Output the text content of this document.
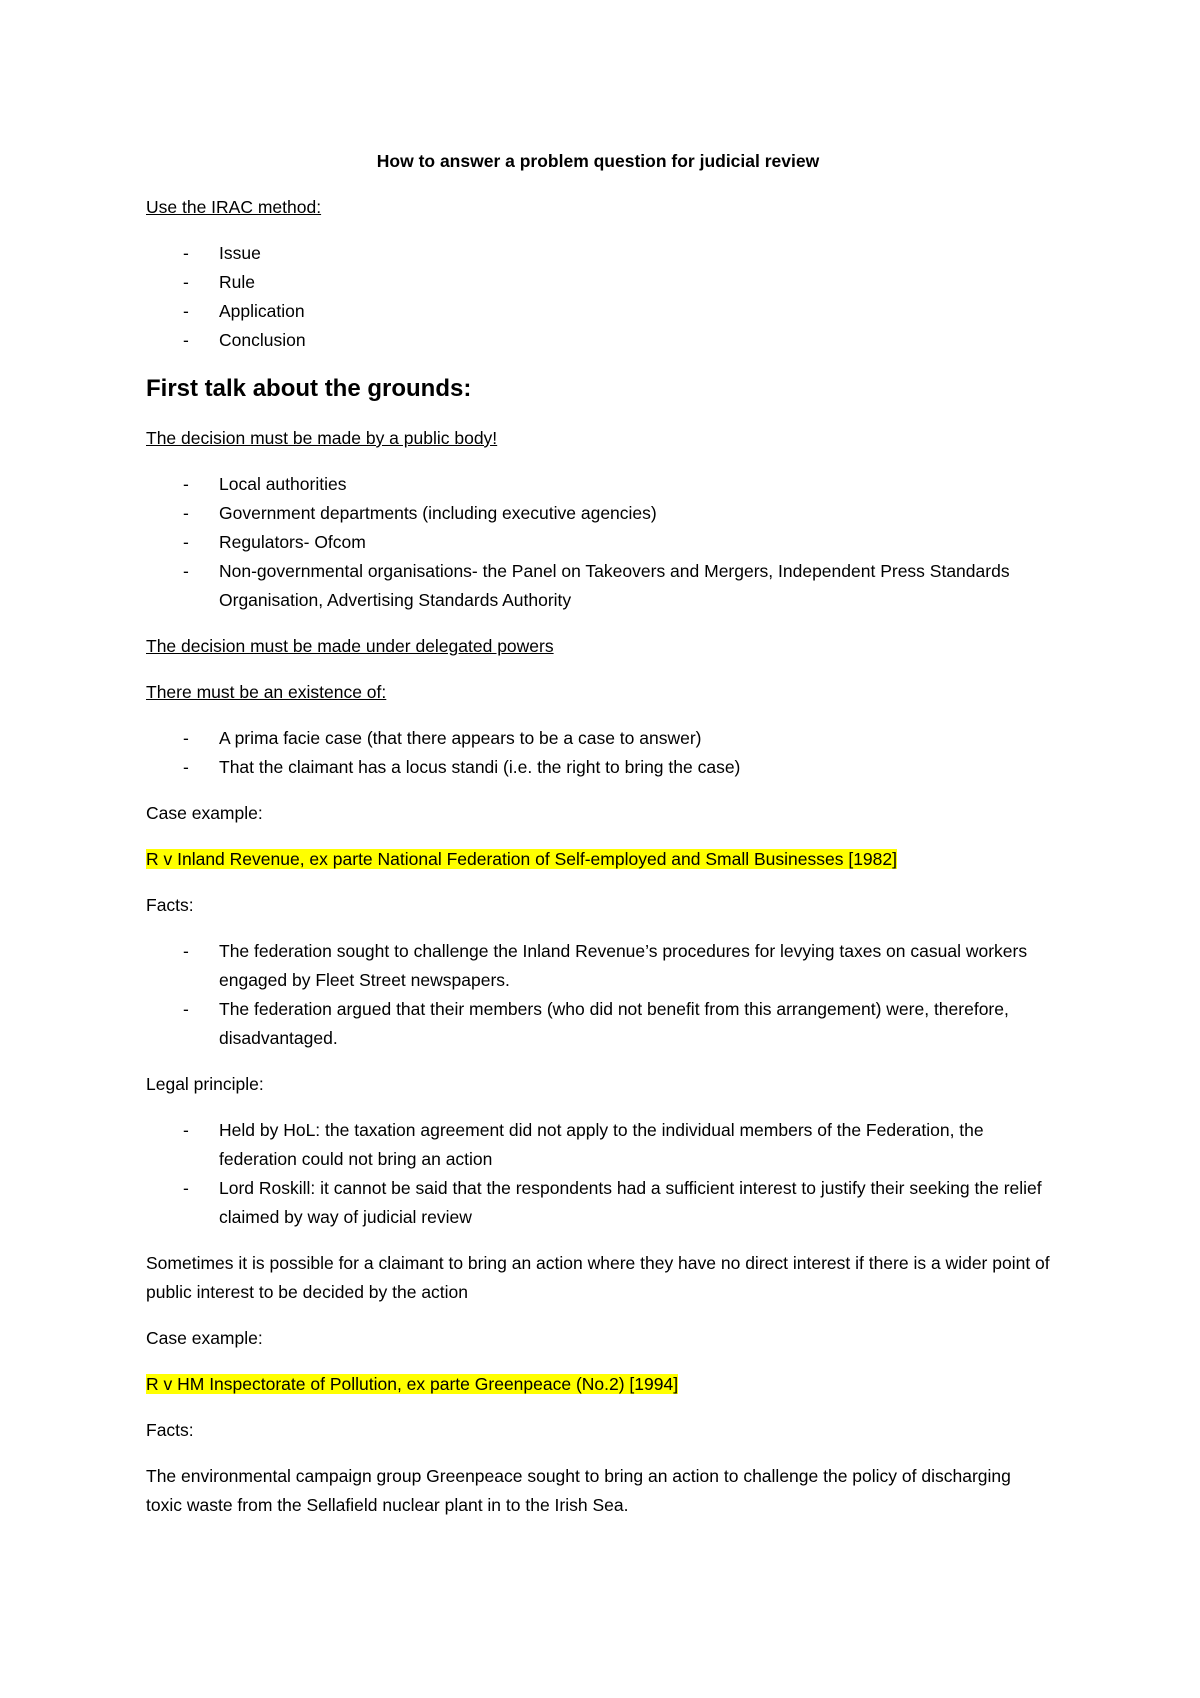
How to answer a problem question for judicial review

Use the IRAC method:

- Issue
- Rule
- Application
- Conclusion
First talk about the grounds:

The decision must be made by a public body!

- Local authorities
- Government departments (including executive agencies)
- Regulators- Ofcom
- Non-governmental organisations- the Panel on Takeovers and Mergers, Independent Press Standards Organisation, Advertising Standards Authority

The decision must be made under delegated powers

There must be an existence of:

- A prima facie case (that there appears to be a case to answer)
- That the claimant has a locus standi (i.e. the right to bring the case)

Case example:

R v Inland Revenue, ex parte National Federation of Self-employed and Small Businesses [1982]

Facts:

- The federation sought to challenge the Inland Revenue’s procedures for levying taxes on casual workers engaged by Fleet Street newspapers.
- The federation argued that their members (who did not benefit from this arrangement) were, therefore, disadvantaged.

Legal principle:

- Held by HoL: the taxation agreement did not apply to the individual members of the Federation, the federation could not bring an action
- Lord Roskill: it cannot be said that the respondents had a sufficient interest to justify their seeking the relief claimed by way of judicial review

Sometimes it is possible for a claimant to bring an action where they have no direct interest if there is a wider point of public interest to be decided by the action

Case example:

R v HM Inspectorate of Pollution, ex parte Greenpeace (No.2) [1994]

Facts:

The environmental campaign group Greenpeace sought to bring an action to challenge the policy of discharging toxic waste from the Sellafield nuclear plant in to the Irish Sea.
